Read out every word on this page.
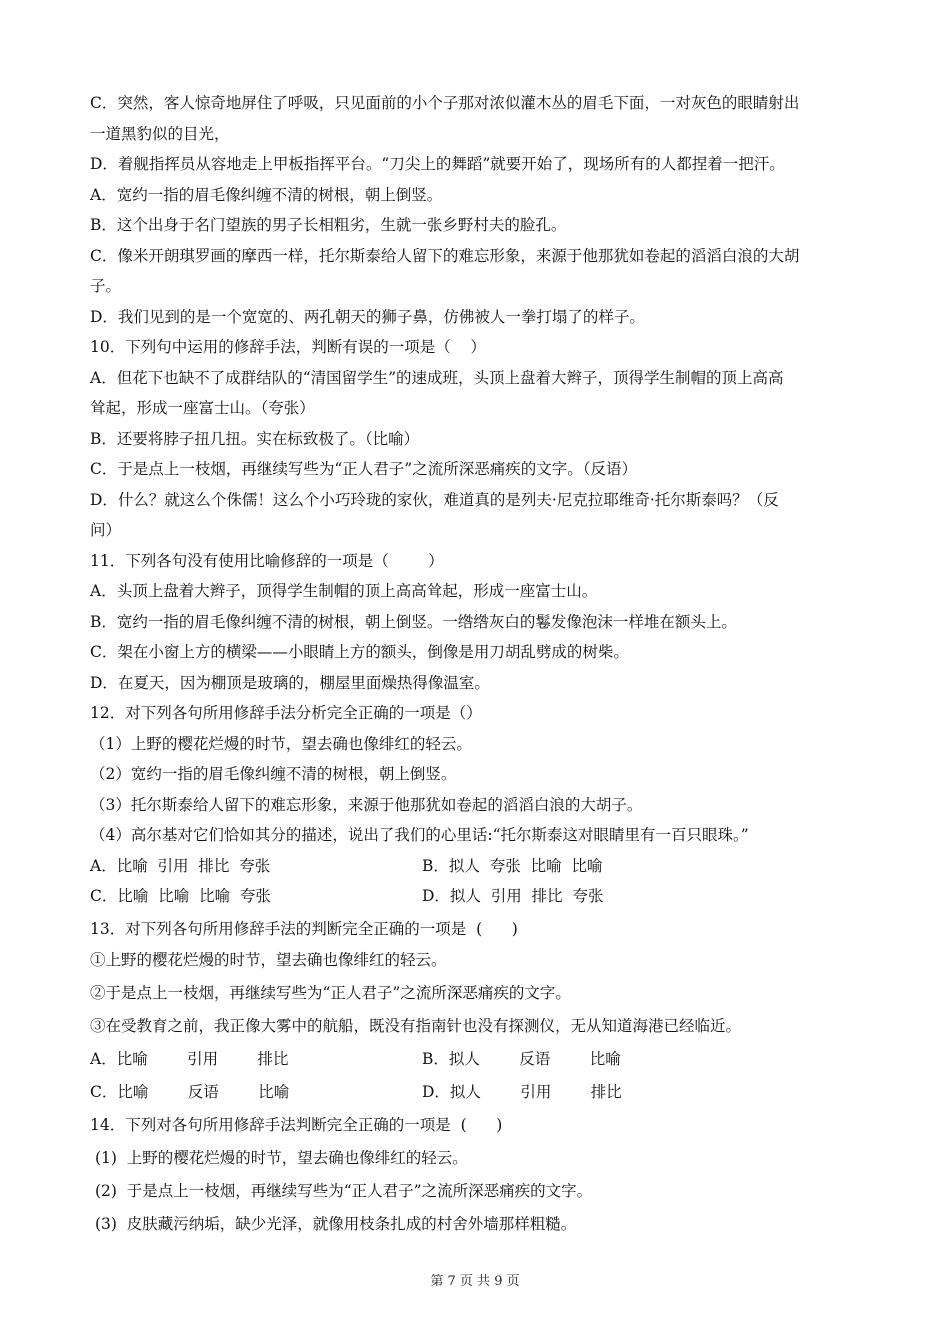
C．突然，客人惊奇地屏住了呼吸，只见面前的小个子那对浓似灌木丛的眉毛下面，一对灰色的眼睛射出

一道黑豹似的目光，

D．着舰指挥员从容地走上甲板指挥平台。“刀尖上的舞蹈”就要开始了，现场所有的人都捏着一把汗。

A．宽约一指的眉毛像纠缠不清的树根，朝上倒竖。

B．这个出身于名门望族的男子长相粗劣，生就一张乡野村夫的脸孔。

C．像米开朗琪罗画的摩西一样，托尔斯泰给人留下的难忘形象，来源于他那犹如卷起的滔滔白浪的大胡

子。

D．我们见到的是一个宽宽的、两孔朝天的狮子鼻，仿佛被人一拳打塌了的样子。

10．下列句中运用的修辞手法，判断有误的一项是（    ）

A．但花下也缺不了成群结队的“清国留学生”的速成班，头顶上盘着大辫子，顶得学生制帽的顶上高高

耸起，形成一座富士山。（夸张）

B．还要将脖子扭几扭。实在标致极了。（比喻）

C．于是点上一枝烟，再继续写些为“正人君子”之流所深恶痛疾的文字。（反语）

D．什么？就这么个侏儒！这么个小巧玲珑的家伙，难道真的是列夫·尼克拉耶维奇·托尔斯泰吗？（反

问）

11．下列各句没有使用比喻修辞的一项是（        ）

A．头顶上盘着大辫子，顶得学生制帽的顶上高高耸起，形成一座富士山。

B．宽约一指的眉毛像纠缠不清的树根，朝上倒竖。一绺绺灰白的鬈发像泡沫一样堆在额头上。

C．架在小窗上方的横梁——小眼睛上方的额头，倒像是用刀胡乱劈成的树柴。

D．在夏天，因为棚顶是玻璃的，棚屋里面燥热得像温室。

12．对下列各句所用修辞手法分析完全正确的一项是（）

（1）上野的樱花烂熳的时节，望去确也像绯红的轻云。

（2）宽约一指的眉毛像纠缠不清的树根，朝上倒竖。

（3）托尔斯泰给人留下的难忘形象，来源于他那犹如卷起的滔滔白浪的大胡子。

（4）高尔基对它们恰如其分的描述，说出了我们的心里话:“托尔斯泰这对眼睛里有一百只眼珠。”

A．比喻  引用  排比  夸张	B．拟人  夸张  比喻  比喻
C．比喻  比喻  比喻  夸张	D．拟人  引用  排比  夸张

13．对下列各句所用修辞手法的判断完全正确的一项是  (      )

①上野的樱花烂熳的时节，望去确也像绯红的轻云。

②于是点上一枝烟，再继续写些为“正人君子”之流所深恶痛疾的文字。

③在受教育之前，我正像大雾中的航船，既没有指南针也没有探测仪，无从知道海港已经临近。

A．比喻        引用        排比	B．拟人        反语        比喻
C．比喻        反语        比喻	D．拟人        引用        排比

14．下列对各句所用修辞手法判断完全正确的一项是  (      )

(1)  上野的樱花烂熳的时节，望去确也像绯红的轻云。

(2)  于是点上一枝烟，再继续写些为“正人君子”之流所深恶痛疾的文字。

(3)  皮肤藏污纳垢，缺少光泽，就像用枝条扎成的村舍外墙那样粗糙。

第 7 页 共 9 页
